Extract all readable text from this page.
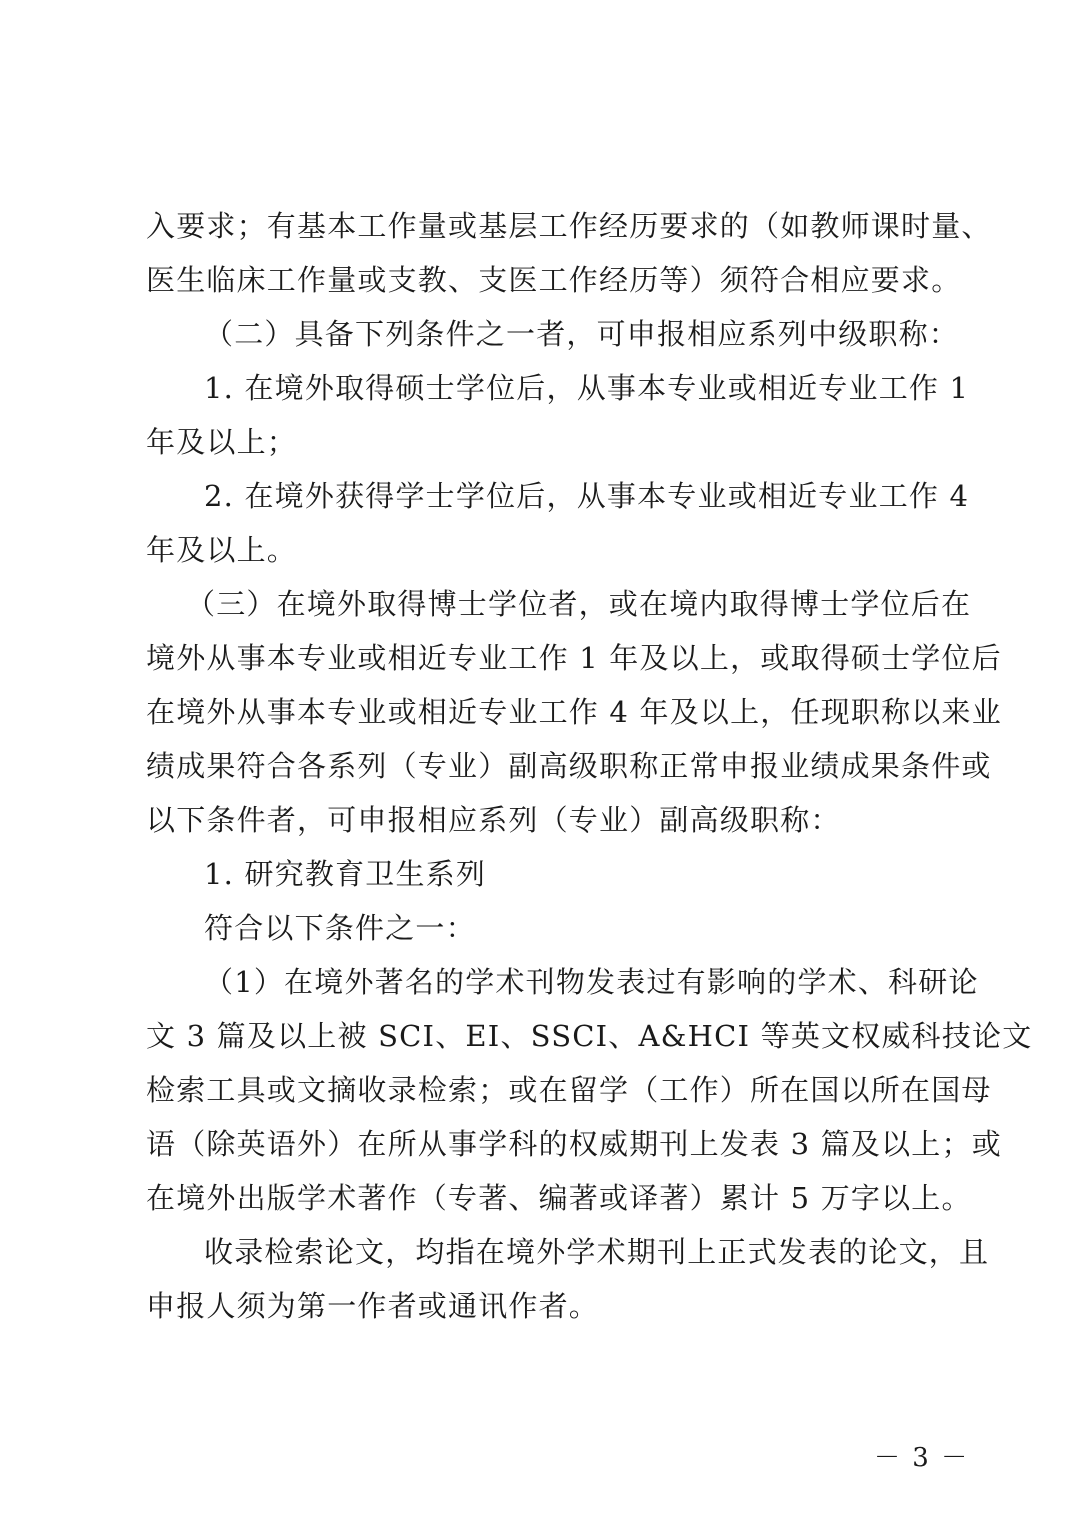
入要求；有基本工作量或基层工作经历要求的（如教师课时量、
医生临床工作量或支教、支医工作经历等）须符合相应要求。
（二）具备下列条件之一者，可申报相应系列中级职称：
1. 在境外取得硕士学位后，从事本专业或相近专业工作 1
年及以上；
2. 在境外获得学士学位后，从事本专业或相近专业工作 4
年及以上。
（三）在境外取得博士学位者，或在境内取得博士学位后在
境外从事本专业或相近专业工作 1 年及以上，或取得硕士学位后
在境外从事本专业或相近专业工作 4 年及以上，任现职称以来业
绩成果符合各系列（专业）副高级职称正常申报业绩成果条件或
以下条件者，可申报相应系列（专业）副高级职称：
1. 研究教育卫生系列
符合以下条件之一：
（1）在境外著名的学术刊物发表过有影响的学术、科研论
文 3 篇及以上被 SCI、EI、SSCI、A&HCI 等英文权威科技论文
检索工具或文摘收录检索；或在留学（工作）所在国以所在国母
语（除英语外）在所从事学科的权威期刊上发表 3 篇及以上；或
在境外出版学术著作（专著、编著或译著）累计 5 万字以上。
收录检索论文，均指在境外学术期刊上正式发表的论文，且
申报人须为第一作者或通讯作者。
－ 3 －
